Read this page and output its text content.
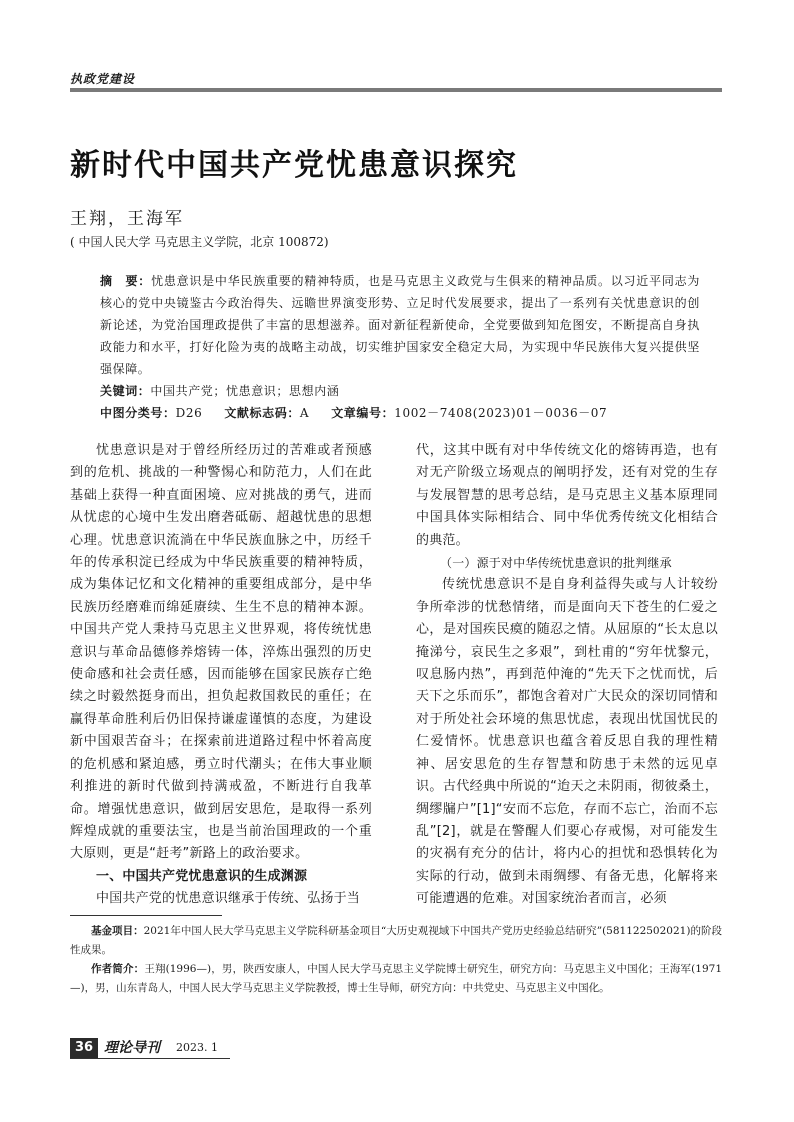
执政党建设
新时代中国共产党忧患意识探究
王翔，王海军
( 中国人民大学 马克思主义学院，北京 100872)

摘　要：忧患意识是中华民族重要的精神特质，也是马克思主义政党与生俱来的精神品质。以习近平同志为核心的党中央镜鉴古今政治得失、远瞻世界演变形势、立足时代发展要求，提出了一系列有关忧患意识的创新论述，为党治国理政提供了丰富的思想滋养。面对新征程新使命，全党要做到知危图安，不断提高自身执政能力和水平，打好化险为夷的战略主动战，切实维护国家安全稳定大局，为实现中华民族伟大复兴提供坚强保障。

关键词：中国共产党；忧患意识；思想内涵

中图分类号：D26 文献标志码：A 文章编号：1002－7408(2023)01－0036－07

忧患意识是对于曾经所经历过的苦难或者预感到的危机、挑战的一种警惕心和防范力，人们在此基础上获得一种直面困境、应对挑战的勇气，进而从忧虑的心境中生发出磨砻砥砺、超越忧患的思想心理。忧患意识流淌在中华民族血脉之中，历经千年的传承积淀已经成为中华民族重要的精神特质，成为集体记忆和文化精神的重要组成部分，是中华民族历经磨难而绵延赓续、生生不息的精神本源。中国共产党人秉持马克思主义世界观，将传统忧患意识与革命品德修养熔铸一体，淬炼出强烈的历史使命感和社会责任感，因而能够在国家民族存亡绝续之时毅然挺身而出，担负起救国救民的重任；在赢得革命胜利后仍旧保持谦虚谨慎的态度，为建设新中国艰苦奋斗；在探索前进道路过程中怀着高度的危机感和紧迫感，勇立时代潮头；在伟大事业顺利推进的新时代做到持满戒盈，不断进行自我革命。增强忧患意识，做到居安思危，是取得一系列辉煌成就的重要法宝，也是当前治国理政的一个重大原则，更是“赶考”新路上的政治要求。

一、中国共产党忧患意识的生成渊源

中国共产党的忧患意识继承于传统、弘扬于当

代，这其中既有对中华传统文化的熔铸再造，也有对无产阶级立场观点的阐明抒发，还有对党的生存与发展智慧的思考总结，是马克思主义基本原理同中国具体实际相结合、同中华优秀传统文化相结合的典范。

（一）源于对中华传统忧患意识的批判继承

传统忧患意识不是自身利益得失或与人计较纷争所牵涉的忧愁情绪，而是面向天下苍生的仁爱之心，是对国疾民瘼的随忍之情。从屈原的“长太息以掩涕兮，哀民生之多艰”，到杜甫的“穷年忧黎元，叹息肠内热”，再到范仲淹的“先天下之忧而忧，后天下之乐而乐”，都饱含着对广大民众的深切同情和对于所处社会环境的焦思忧虑，表现出忧国忧民的仁爱情怀。忧患意识也蕴含着反思自我的理性精神、居安思危的生存智慧和防患于未然的远见卓识。古代经典中所说的“迨天之未阴雨，彻彼桑土，绸缪牖户”[1]“安而不忘危，存而不忘亡，治而不忘乱”[2]，就是在警醒人们要心存戒惕，对可能发生的灾祸有充分的估计，将内心的担忧和恐惧转化为实际的行动，做到未雨绸缪、有备无患，化解将来可能遭遇的危难。对国家统治者而言，必须

基金项目：2021年中国人民大学马克思主义学院科研基金项目“大历史观视域下中国共产党历史经验总结研究”(581122502021)的阶段性成果。

作者简介：王翔(1996—)，男，陕西安康人，中国人民大学马克思主义学院博士研究生，研究方向：马克思主义中国化；王海军(1971—)，男，山东青岛人，中国人民大学马克思主义学院教授，博士生导师，研究方向：中共党史、马克思主义中国化。

36 理论导刊 2023. 1
